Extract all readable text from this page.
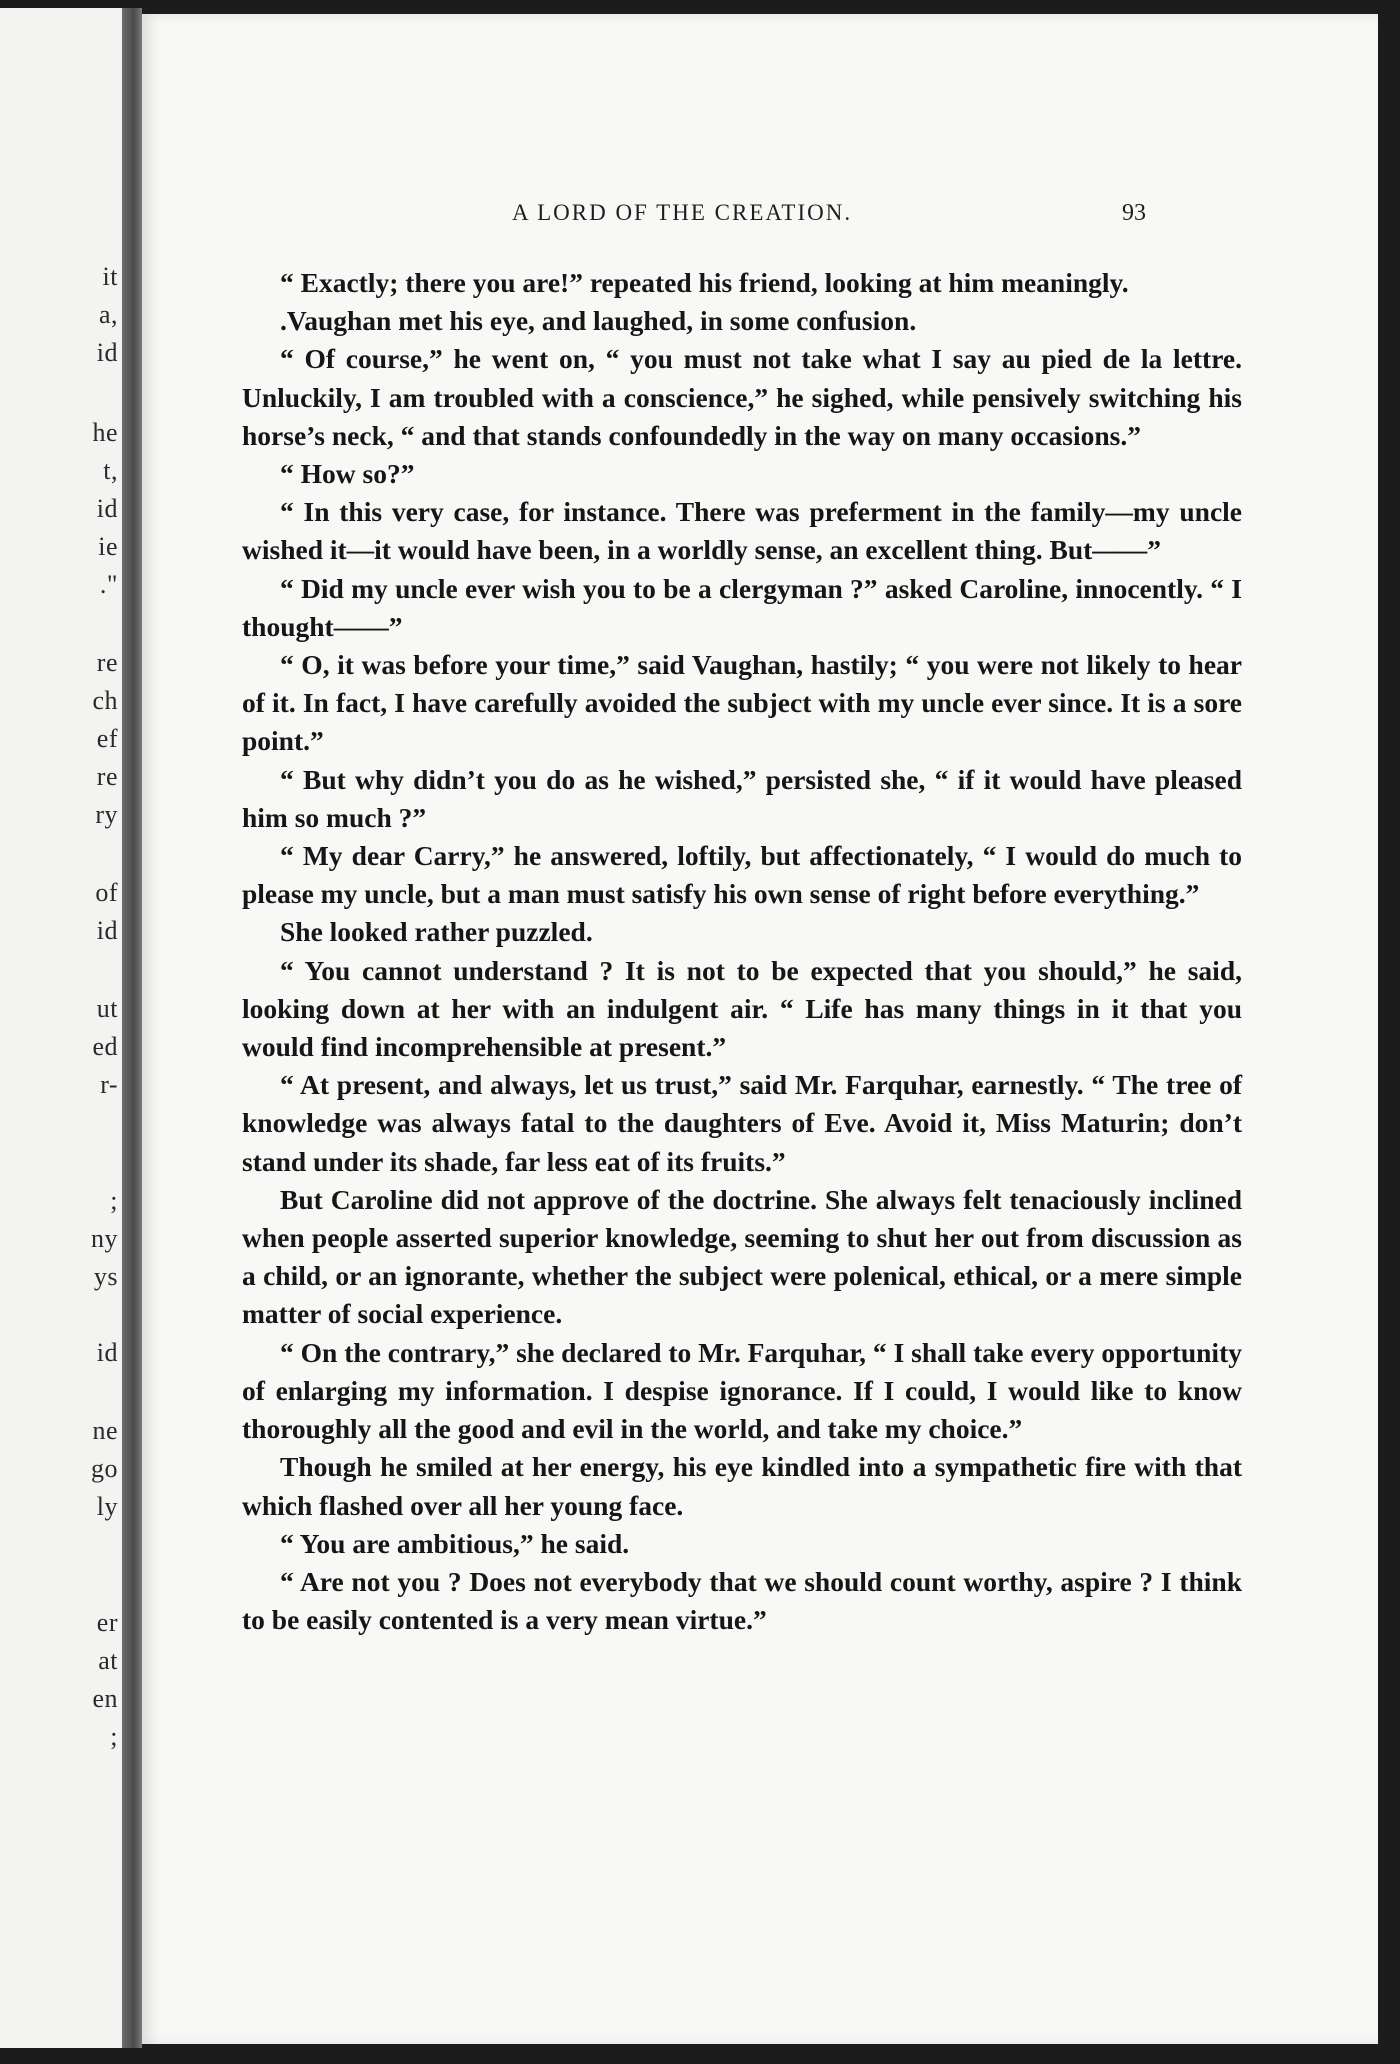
it
a,
id
he
t,
id
ie
."
re
ch
ef
re
ry
of
id
ut
ed
r-
;
ny
ys
id
ne
go
ly
er
at
en
;
A LORD OF THE CREATION.	93

“ Exactly; there you are!” repeated his friend, looking at him meaningly.

.Vaughan met his eye, and laughed, in some confusion.

“ Of course,” he went on, “ you must not take what I say au pied de la lettre. Unluckily, I am troubled with a conscience,” he sighed, while pensively switching his horse’s neck, “ and that stands confoundedly in the way on many occasions.”

“ How so?”

“ In this very case, for instance. There was preferment in the family—my uncle wished it—it would have been, in a worldly sense, an excellent thing. But——”

“ Did my uncle ever wish you to be a clergyman ?” asked Caroline, innocently. “ I thought——”

“ O, it was before your time,” said Vaughan, hastily; “ you were not likely to hear of it. In fact, I have carefully avoided the subject with my uncle ever since. It is a sore point.”

“ But why didn’t you do as he wished,” persisted she, “ if it would have pleased him so much ?”

“ My dear Carry,” he answered, loftily, but affectionately, “ I would do much to please my uncle, but a man must satisfy his own sense of right before everything.”

She looked rather puzzled.

“ You cannot understand ? It is not to be expected that you should,” he said, looking down at her with an indulgent air. “ Life has many things in it that you would find incomprehensible at present.”

“ At present, and always, let us trust,” said Mr. Farquhar, earnestly. “ The tree of knowledge was always fatal to the daughters of Eve. Avoid it, Miss Maturin; don’t stand under its shade, far less eat of its fruits.”

But Caroline did not approve of the doctrine. She always felt tenaciously inclined when people asserted superior knowledge, seeming to shut her out from discussion as a child, or an ignorante, whether the subject were polenical, ethical, or a mere simple matter of social experience.

“ On the contrary,” she declared to Mr. Farquhar, “ I shall take every opportunity of enlarging my information. I despise ignorance. If I could, I would like to know thoroughly all the good and evil in the world, and take my choice.”

Though he smiled at her energy, his eye kindled into a sympathetic fire with that which flashed over all her young face.

“ You are ambitious,” he said.

“ Are not you ? Does not everybody that we should count worthy, aspire ? I think to be easily contented is a very mean virtue.”
